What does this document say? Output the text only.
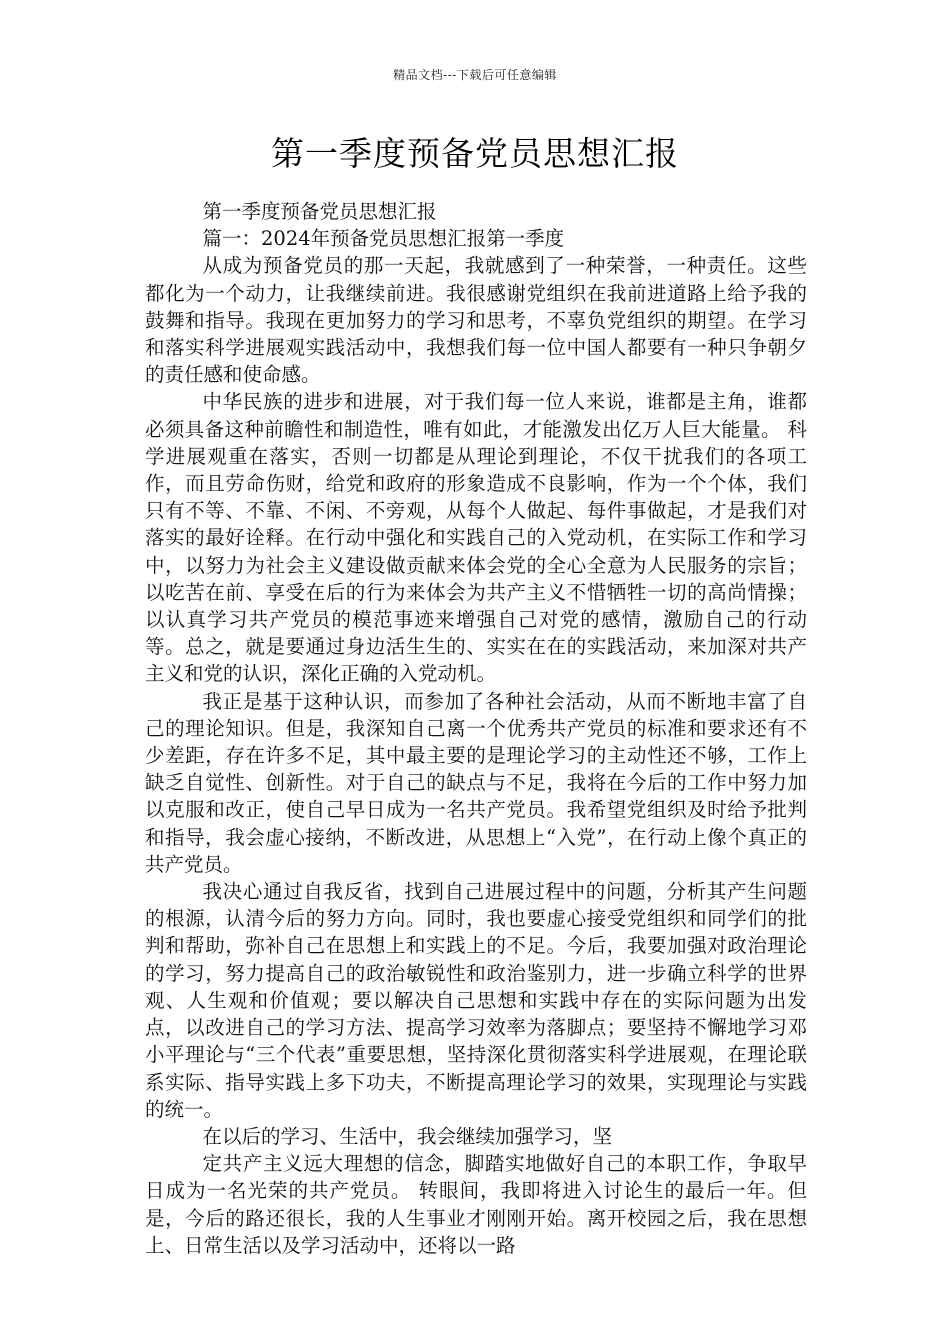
精品文档---下载后可任意编辑
第一季度预备党员思想汇报

第一季度预备党员思想汇报

篇一：2024年预备党员思想汇报第一季度

从成为预备党员的那一天起，我就感到了一种荣誉，一种责任。这些都化为一个动力，让我继续前进。我很感谢党组织在我前进道路上给予我的鼓舞和指导。我现在更加努力的学习和思考，不辜负党组织的期望。在学习和落实科学进展观实践活动中，我想我们每一位中国人都要有一种只争朝夕的责任感和使命感。

中华民族的进步和进展，对于我们每一位人来说，谁都是主角，谁都必须具备这种前瞻性和制造性，唯有如此，才能激发出亿万人巨大能量。 科学进展观重在落实，否则一切都是从理论到理论，不仅干扰我们的各项工作，而且劳命伤财，给党和政府的形象造成不良影响，作为一个个体，我们只有不等、不靠、不闲、不旁观，从每个人做起、每件事做起，才是我们对落实的最好诠释。在行动中强化和实践自己的入党动机，在实际工作和学习中，以努力为社会主义建设做贡献来体会党的全心全意为人民服务的宗旨；以吃苦在前、享受在后的行为来体会为共产主义不惜牺牲一切的高尚情操；以认真学习共产党员的模范事迹来增强自己对党的感情，激励自己的行动等。总之，就是要通过身边活生生的、实实在在的实践活动，来加深对共产主义和党的认识，深化正确的入党动机。

我正是基于这种认识，而参加了各种社会活动，从而不断地丰富了自己的理论知识。但是，我深知自己离一个优秀共产党员的标准和要求还有不少差距，存在许多不足，其中最主要的是理论学习的主动性还不够，工作上缺乏自觉性、创新性。对于自己的缺点与不足，我将在今后的工作中努力加以克服和改正，使自己早日成为一名共产党员。我希望党组织及时给予批判和指导，我会虚心接纳，不断改进，从思想上“入党”，在行动上像个真正的共产党员。

我决心通过自我反省，找到自己进展过程中的问题，分析其产生问题的根源，认清今后的努力方向。同时，我也要虚心接受党组织和同学们的批判和帮助，弥补自己在思想上和实践上的不足。今后，我要加强对政治理论的学习，努力提高自己的政治敏锐性和政治鉴别力，进一步确立科学的世界观、人生观和价值观；要以解决自己思想和实践中存在的实际问题为出发点，以改进自己的学习方法、提高学习效率为落脚点；要坚持不懈地学习邓小平理论与“三个代表”重要思想，坚持深化贯彻落实科学进展观，在理论联系实际、指导实践上多下功夫，不断提高理论学习的效果，实现理论与实践的统一。

在以后的学习、生活中，我会继续加强学习，坚

定共产主义远大理想的信念，脚踏实地做好自己的本职工作，争取早日成为一名光荣的共产党员。 转眼间，我即将进入讨论生的最后一年。但是，今后的路还很长，我的人生事业才刚刚开始。离开校园之后，我在思想上、日常生活以及学习活动中，还将以一路
